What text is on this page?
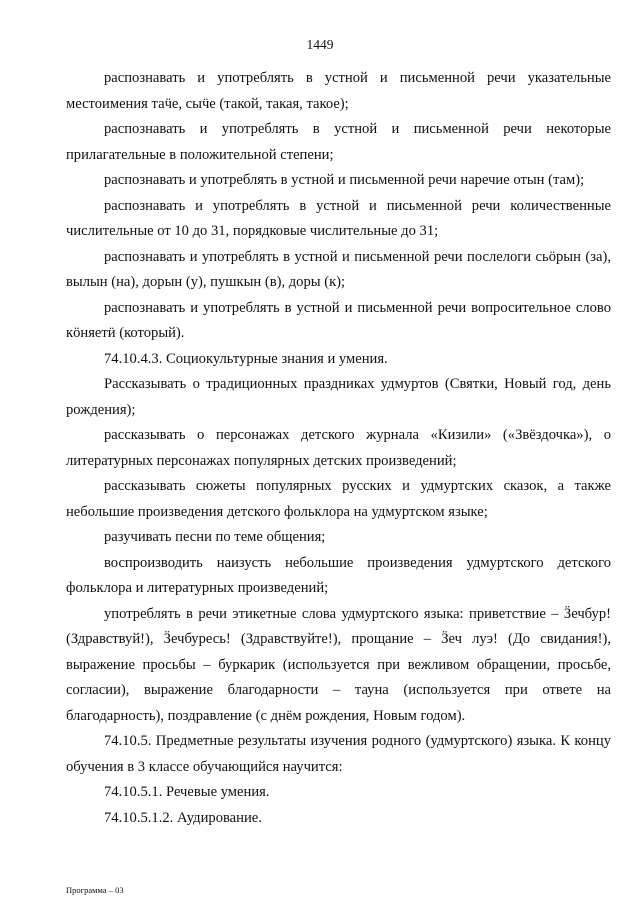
1449

распознавать и употреблять в устной и письменной речи указательные местоимения таӵе, сыӵе (такой, такая, такое);

распознавать и употреблять в устной и письменной речи некоторые прилагательные в положительной степени;

распознавать и употреблять в устной и письменной речи наречие отын (там);

распознавать и употреблять в устной и письменной речи количественные числительные от 10 до 31, порядковые числительные до 31;

распознавать и употреблять в устной и письменной речи послелоги сьӧрын (за), вылын (на), дорын (у), пушкын (в), доры (к);

распознавать и употреблять в устной и письменной речи вопросительное слово кӧняетӥ (который).

74.10.4.3. Социокультурные знания и умения.

Рассказывать о традиционных праздниках удмуртов (Святки, Новый год, день рождения);

рассказывать о персонажах детского журнала «Кизили» («Звёздочка»), о литературных персонажах популярных детских произведений;

рассказывать сюжеты популярных русских и удмуртских сказок, а также небольшие произведения детского фольклора на удмуртском языке;

разучивать песни по теме общения;

воспроизводить наизусть небольшие произведения удмуртского детского фольклора и литературных произведений;

употреблять в речи этикетные слова удмуртского языка: приветствие – Ӟечбур! (Здравствуй!), Ӟечбуресь! (Здравствуйте!), прощание – Ӟеч луэ! (До свидания!), выражение просьбы – буркарик (используется при вежливом обращении, просьбе, согласии), выражение благодарности – тауна (используется при ответе на благодарность), поздравление (с днём рождения, Новым годом).

74.10.5. Предметные результаты изучения родного (удмуртского) языка. К концу обучения в 3 классе обучающийся научится:

74.10.5.1. Речевые умения.

74.10.5.1.2. Аудирование.

Программа – 03
